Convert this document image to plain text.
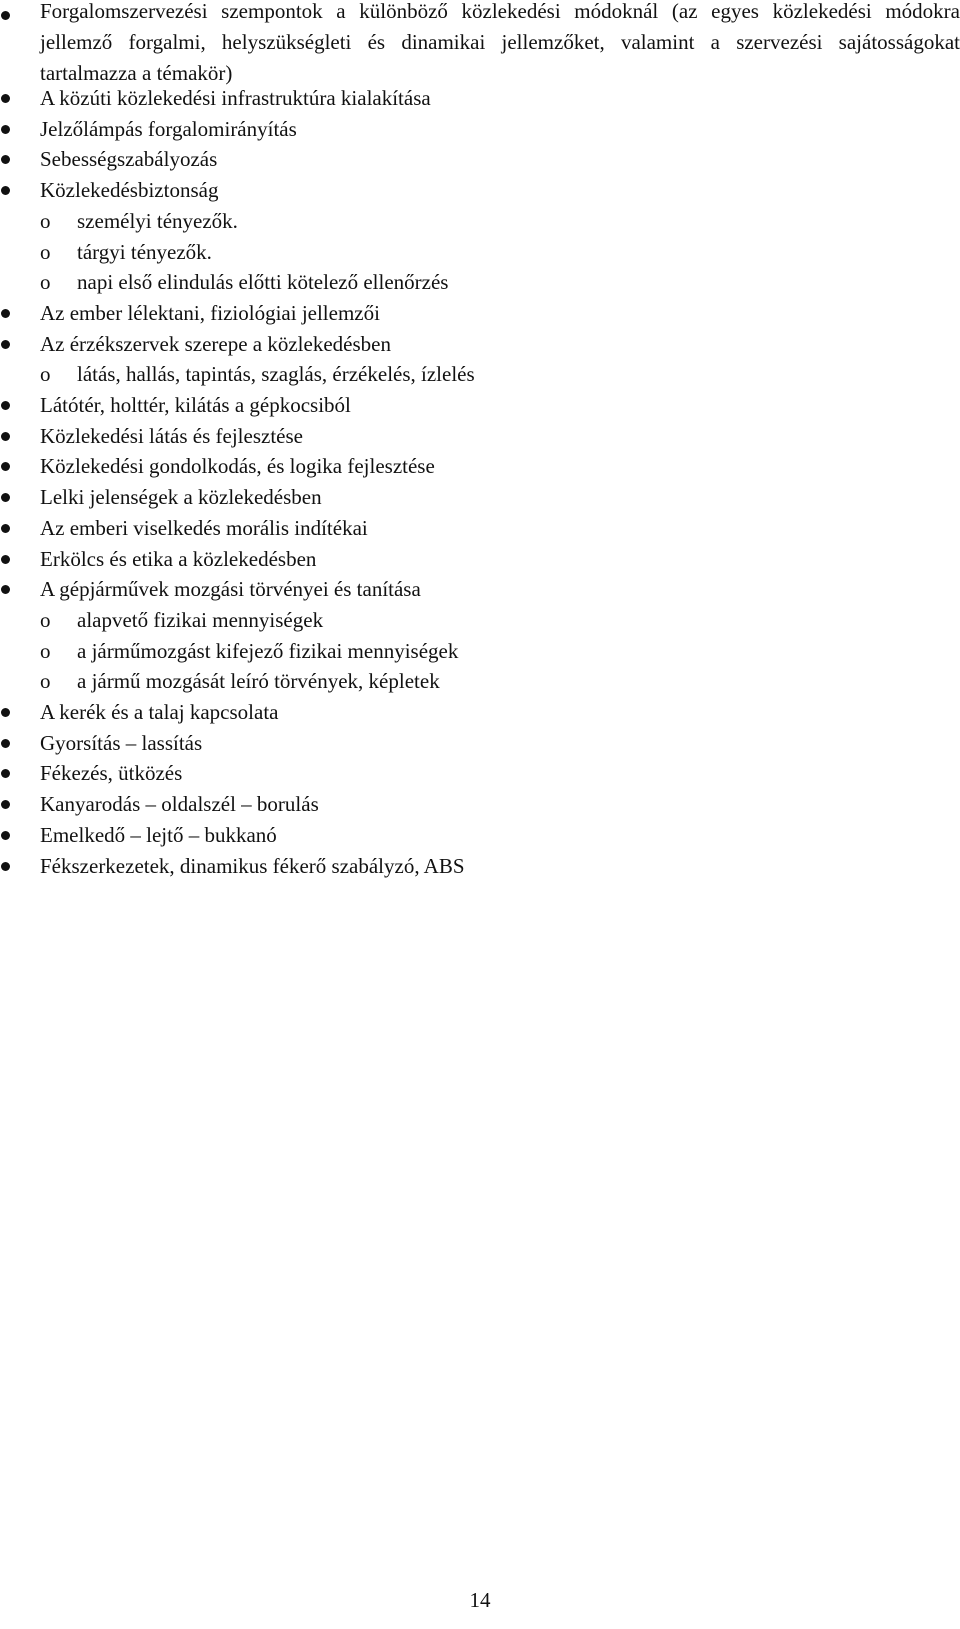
Forgalomszervezési szempontok a különböző közlekedési módoknál (az egyes közlekedési módokra jellemző forgalmi, helyszükségleti és dinamikai jellemzőket, valamint a szervezési sajátosságokat tartalmazza a témakör)
A közúti közlekedési infrastruktúra kialakítása
Jelzőlámpás forgalomirányítás
Sebességszabályozás
Közlekedésbiztonság
o személyi tényezők.
o tárgyi tényezők.
o napi első elindulás előtti kötelező ellenőrzés
Az ember lélektani, fiziológiai jellemzői
Az érzékszervek szerepe a közlekedésben
o látás, hallás, tapintás, szaglás, érzékelés, ízlelés
Látótér, holttér, kilátás a gépkocsiból
Közlekedési látás és fejlesztése
Közlekedési gondolkodás, és logika fejlesztése
Lelki jelenségek a közlekedésben
Az emberi viselkedés morális indítékai
Erkölcs és etika a közlekedésben
A gépjárművek mozgási törvényei és tanítása
o alapvető fizikai mennyiségek
o a járműmozgást kifejező fizikai mennyiségek
o a jármű mozgását leíró törvények, képletek
A kerék és a talaj kapcsolata
Gyorsítás – lassítás
Fékezés, ütközés
Kanyarodás – oldalszél – borulás
Emelkedő – lejtő – bukkanó
Fékszerkezetek, dinamikus fékerő szabályzó, ABS
14
